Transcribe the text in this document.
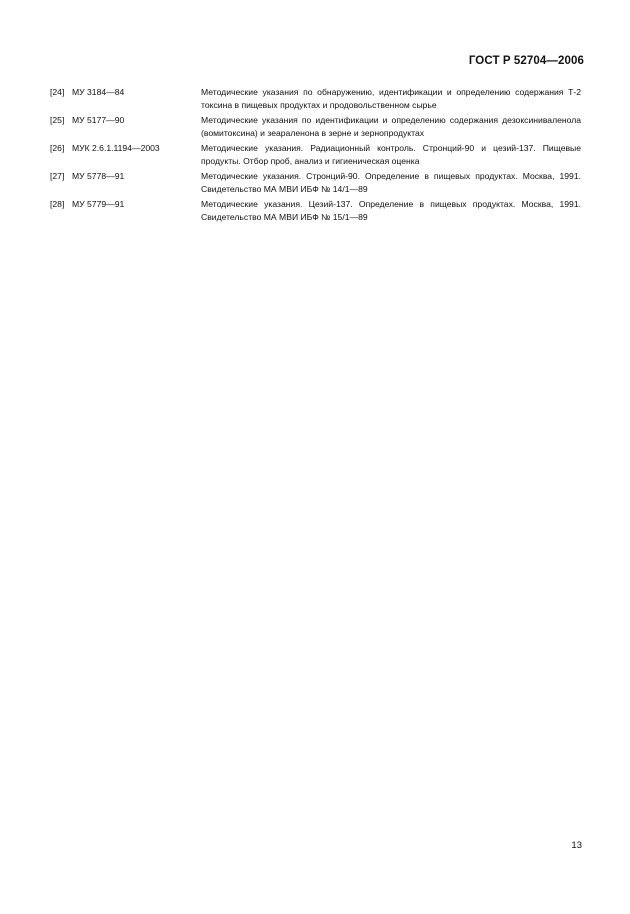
ГОСТ Р 52704—2006
[24] МУ 3184—84	Методические указания по обнаружению, идентификации и определению содержания Т-2 токсина в пищевых продуктах и продовольственном сырье
[25] МУ 5177—90	Методические указания по идентификации и определению содержания дезоксиниваленола (вомитоксина) и зеараленона в зерне и зернопродуктах
[26] МУК 2.6.1.1194—2003	Методические указания. Радиационный контроль. Стронций-90 и цезий-137. Пищевые продукты. Отбор проб, анализ и гигиеническая оценка
[27] МУ 5778—91	Методические указания. Стронций-90. Определение в пищевых продуктах. Москва, 1991. Свидетельство МА МВИ ИБФ № 14/1—89
[28] МУ 5779—91	Методические указания. Цезий-137. Определение в пищевых продуктах. Москва, 1991. Свидетельство МА МВИ ИБФ № 15/1—89
13
